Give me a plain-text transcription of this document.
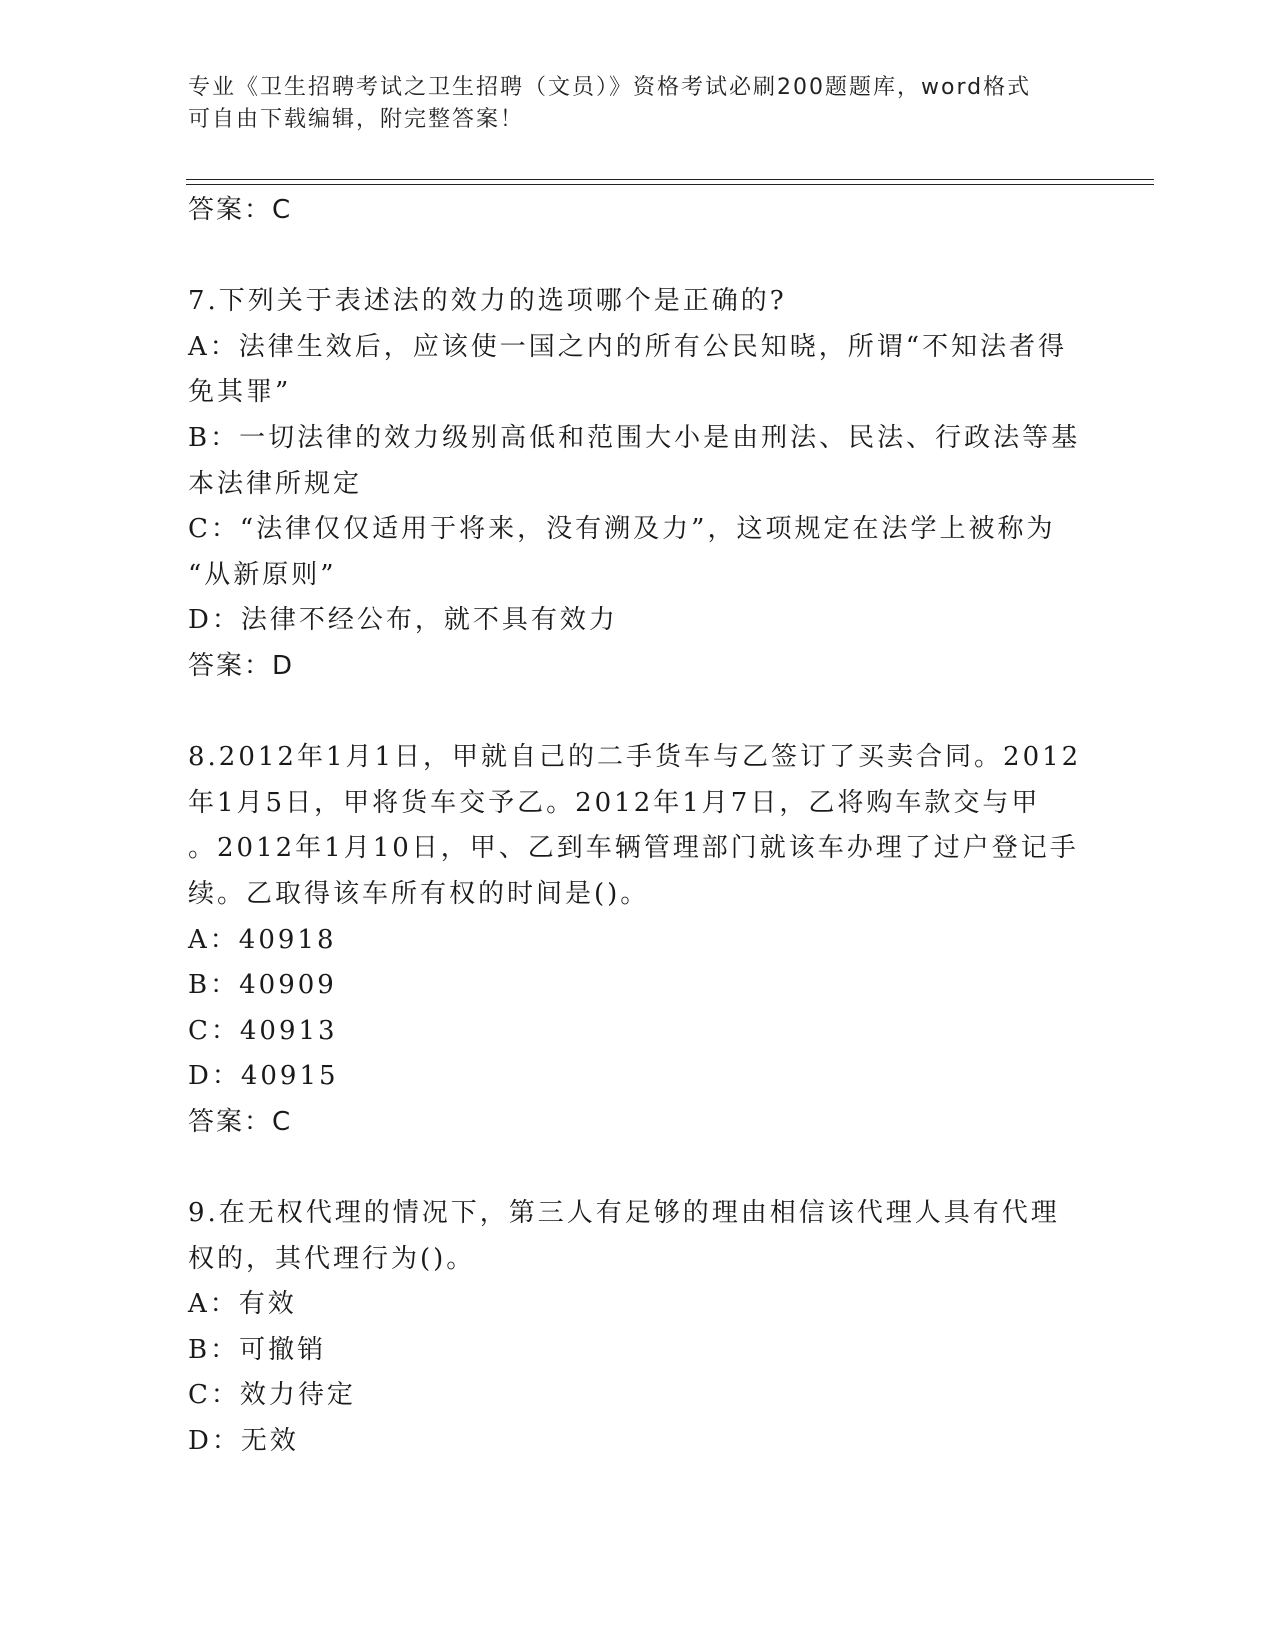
专业《卫生招聘考试之卫生招聘（文员）》资格考试必刷200题题库，word格式
可自由下载编辑，附完整答案！
答案：C
7.下列关于表述法的效力的选项哪个是正确的?
A：法律生效后，应该使一国之内的所有公民知晓，所谓“不知法者得
免其罪”
B：一切法律的效力级别高低和范围大小是由刑法、民法、行政法等基
本法律所规定
C：“法律仅仅适用于将来，没有溯及力”，这项规定在法学上被称为
“从新原则”
D：法律不经公布，就不具有效力
答案：D
8.2012年1月1日，甲就自己的二手货车与乙签订了买卖合同。2012
年1月5日，甲将货车交予乙。2012年1月7日，乙将购车款交与甲
。2012年1月10日，甲、乙到车辆管理部门就该车办理了过户登记手
续。乙取得该车所有权的时间是()。
A：40918
B：40909
C：40913
D：40915
答案：C
9.在无权代理的情况下，第三人有足够的理由相信该代理人具有代理
权的，其代理行为()。
A：有效
B：可撤销
C：效力待定
D：无效
